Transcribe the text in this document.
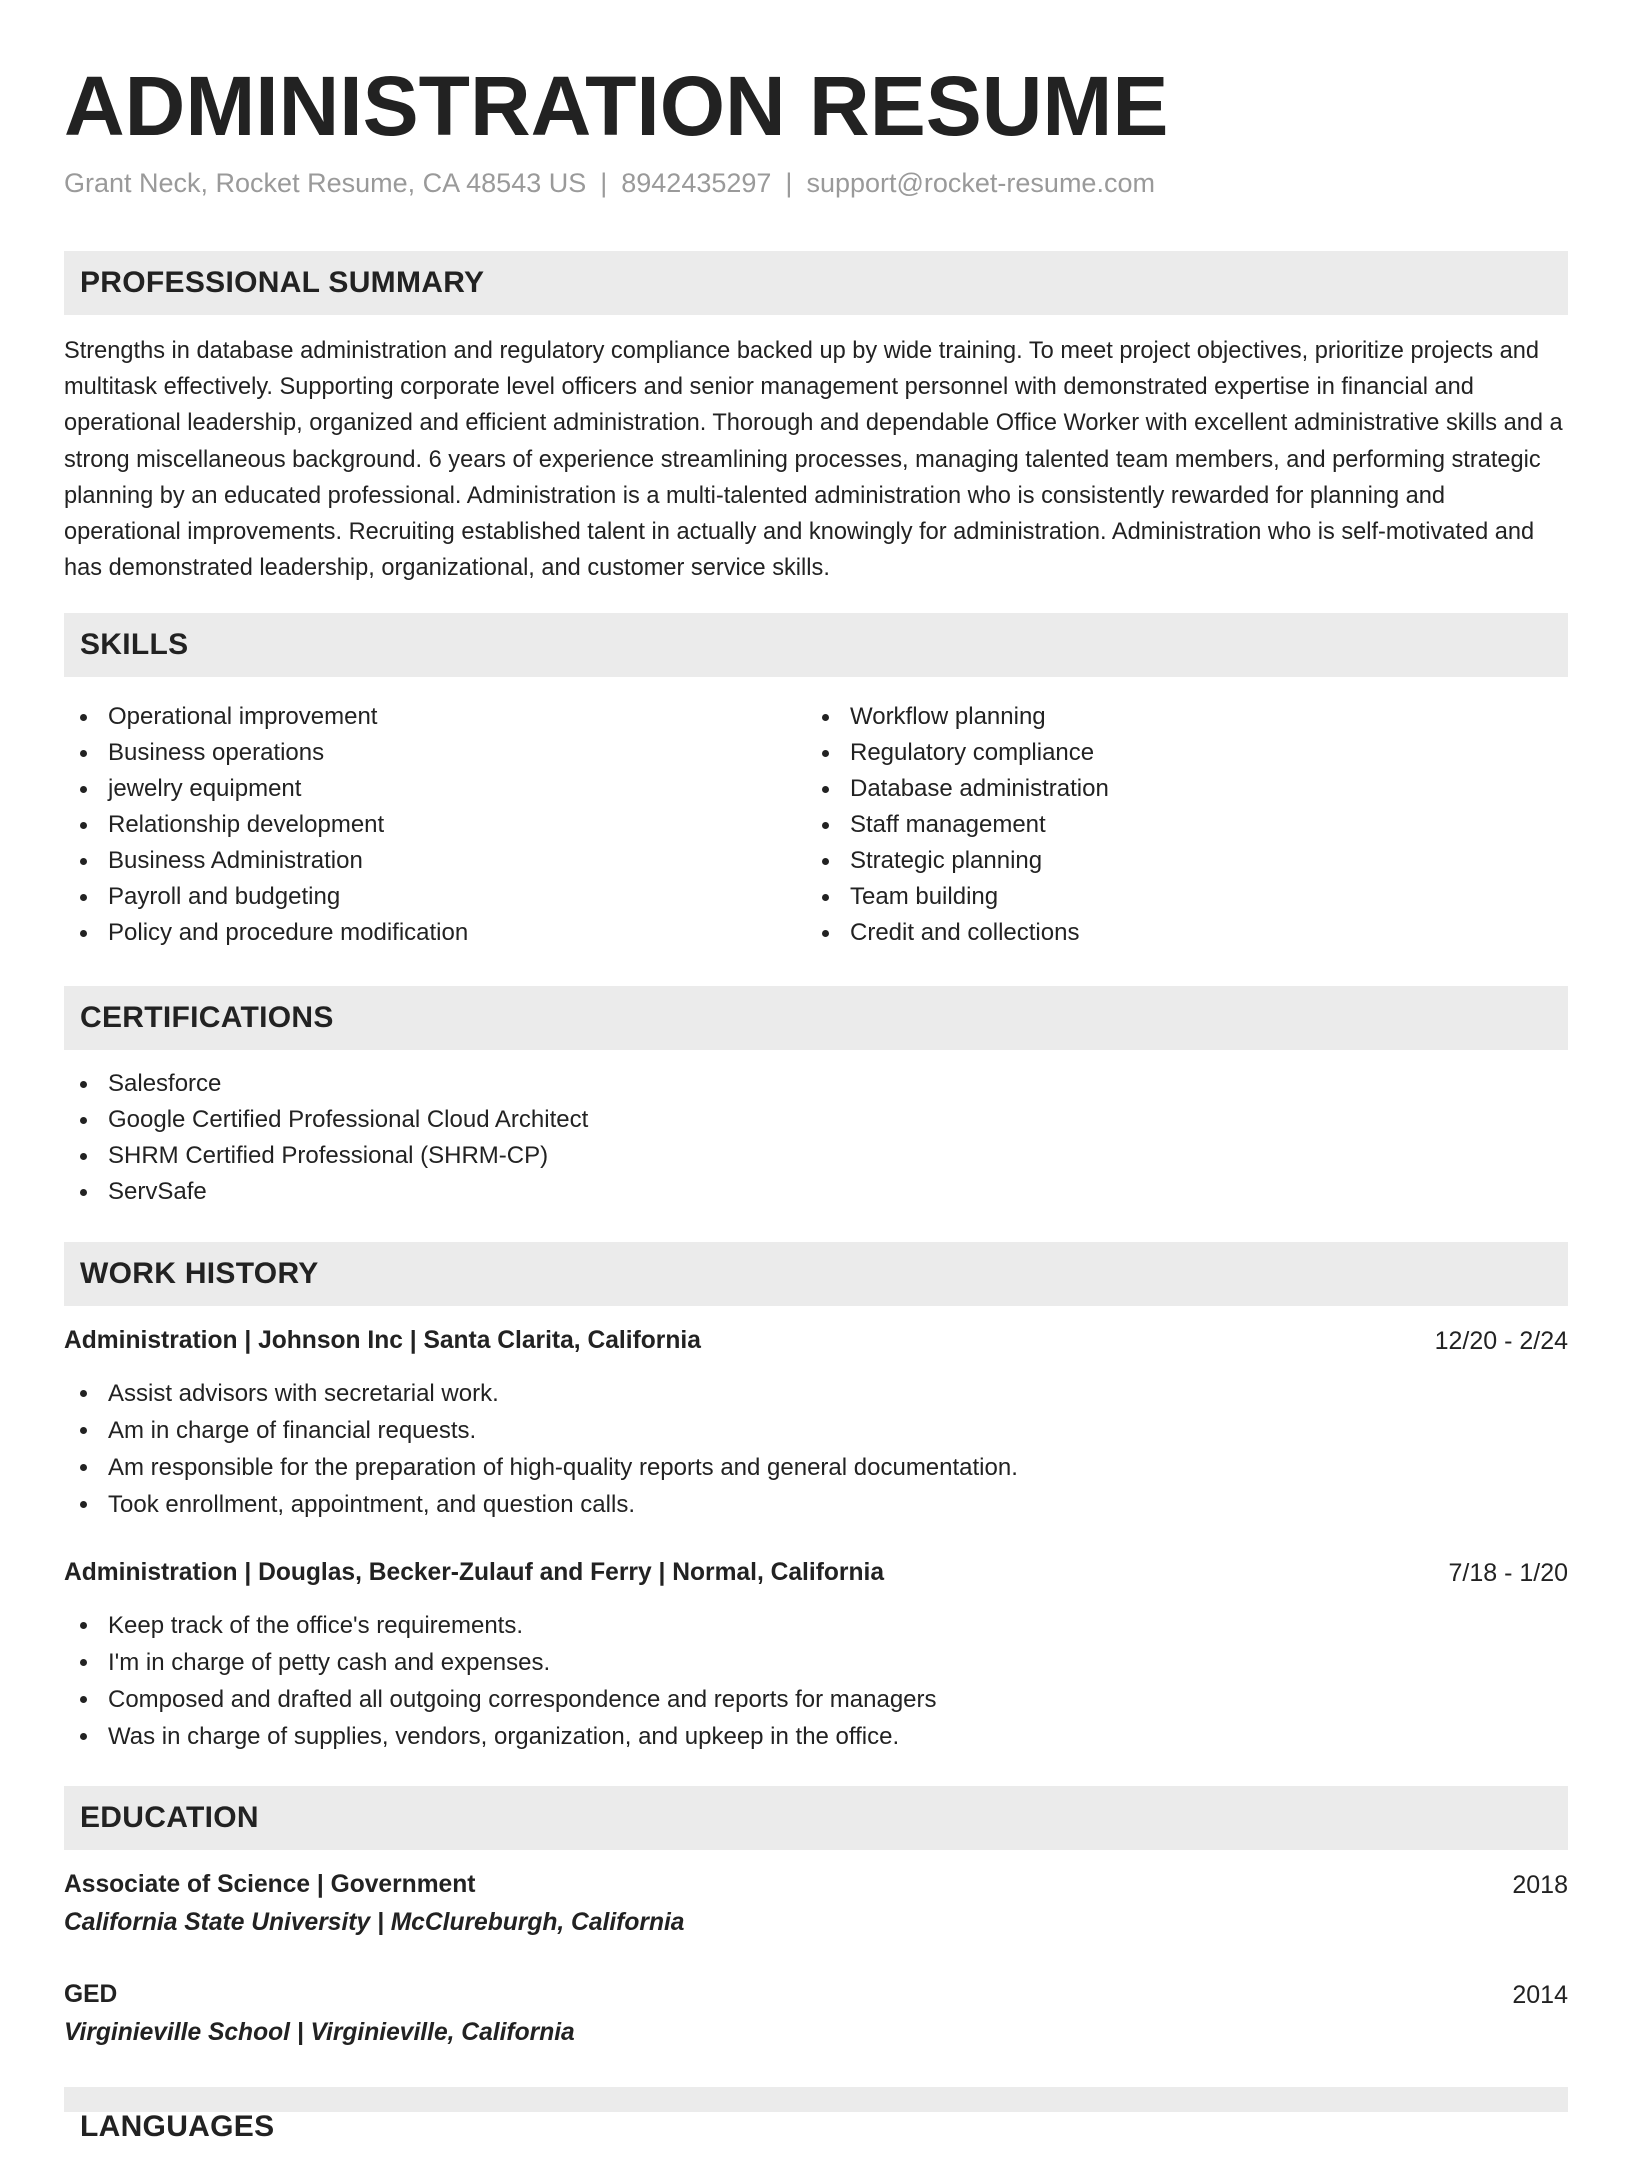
ADMINISTRATION RESUME
Grant Neck, Rocket Resume, CA 48543 US | 8942435297 | support@rocket-resume.com
PROFESSIONAL SUMMARY

Strengths in database administration and regulatory compliance backed up by wide training. To meet project objectives, prioritize projects and multitask effectively. Supporting corporate level officers and senior management personnel with demonstrated expertise in financial and operational leadership, organized and efficient administration. Thorough and dependable Office Worker with excellent administrative skills and a strong miscellaneous background. 6 years of experience streamlining processes, managing talented team members, and performing strategic planning by an educated professional. Administration is a multi-talented administration who is consistently rewarded for planning and operational improvements. Recruiting established talent in actually and knowingly for administration. Administration who is self-motivated and has demonstrated leadership, organizational, and customer service skills.

SKILLS
Operational improvement
Business operations
jewelry equipment
Relationship development
Business Administration
Payroll and budgeting
Policy and procedure modification
Workflow planning
Regulatory compliance
Database administration
Staff management
Strategic planning
Team building
Credit and collections
CERTIFICATIONS
Salesforce
Google Certified Professional Cloud Architect
SHRM Certified Professional (SHRM-CP)
ServSafe
WORK HISTORY
Administration | Johnson Inc | Santa Clarita, California	12/20 - 2/24
Assist advisors with secretarial work.
Am in charge of financial requests.
Am responsible for the preparation of high-quality reports and general documentation.
Took enrollment, appointment, and question calls.
Administration | Douglas, Becker-Zulauf and Ferry | Normal, California	7/18 - 1/20
Keep track of the office's requirements.
I'm in charge of petty cash and expenses.
Composed and drafted all outgoing correspondence and reports for managers
Was in charge of supplies, vendors, organization, and upkeep in the office.
EDUCATION
Associate of Science | Government	2018
California State University | McClureburgh, California
GED	2014
Virginieville School | Virginieville, California
LANGUAGES
